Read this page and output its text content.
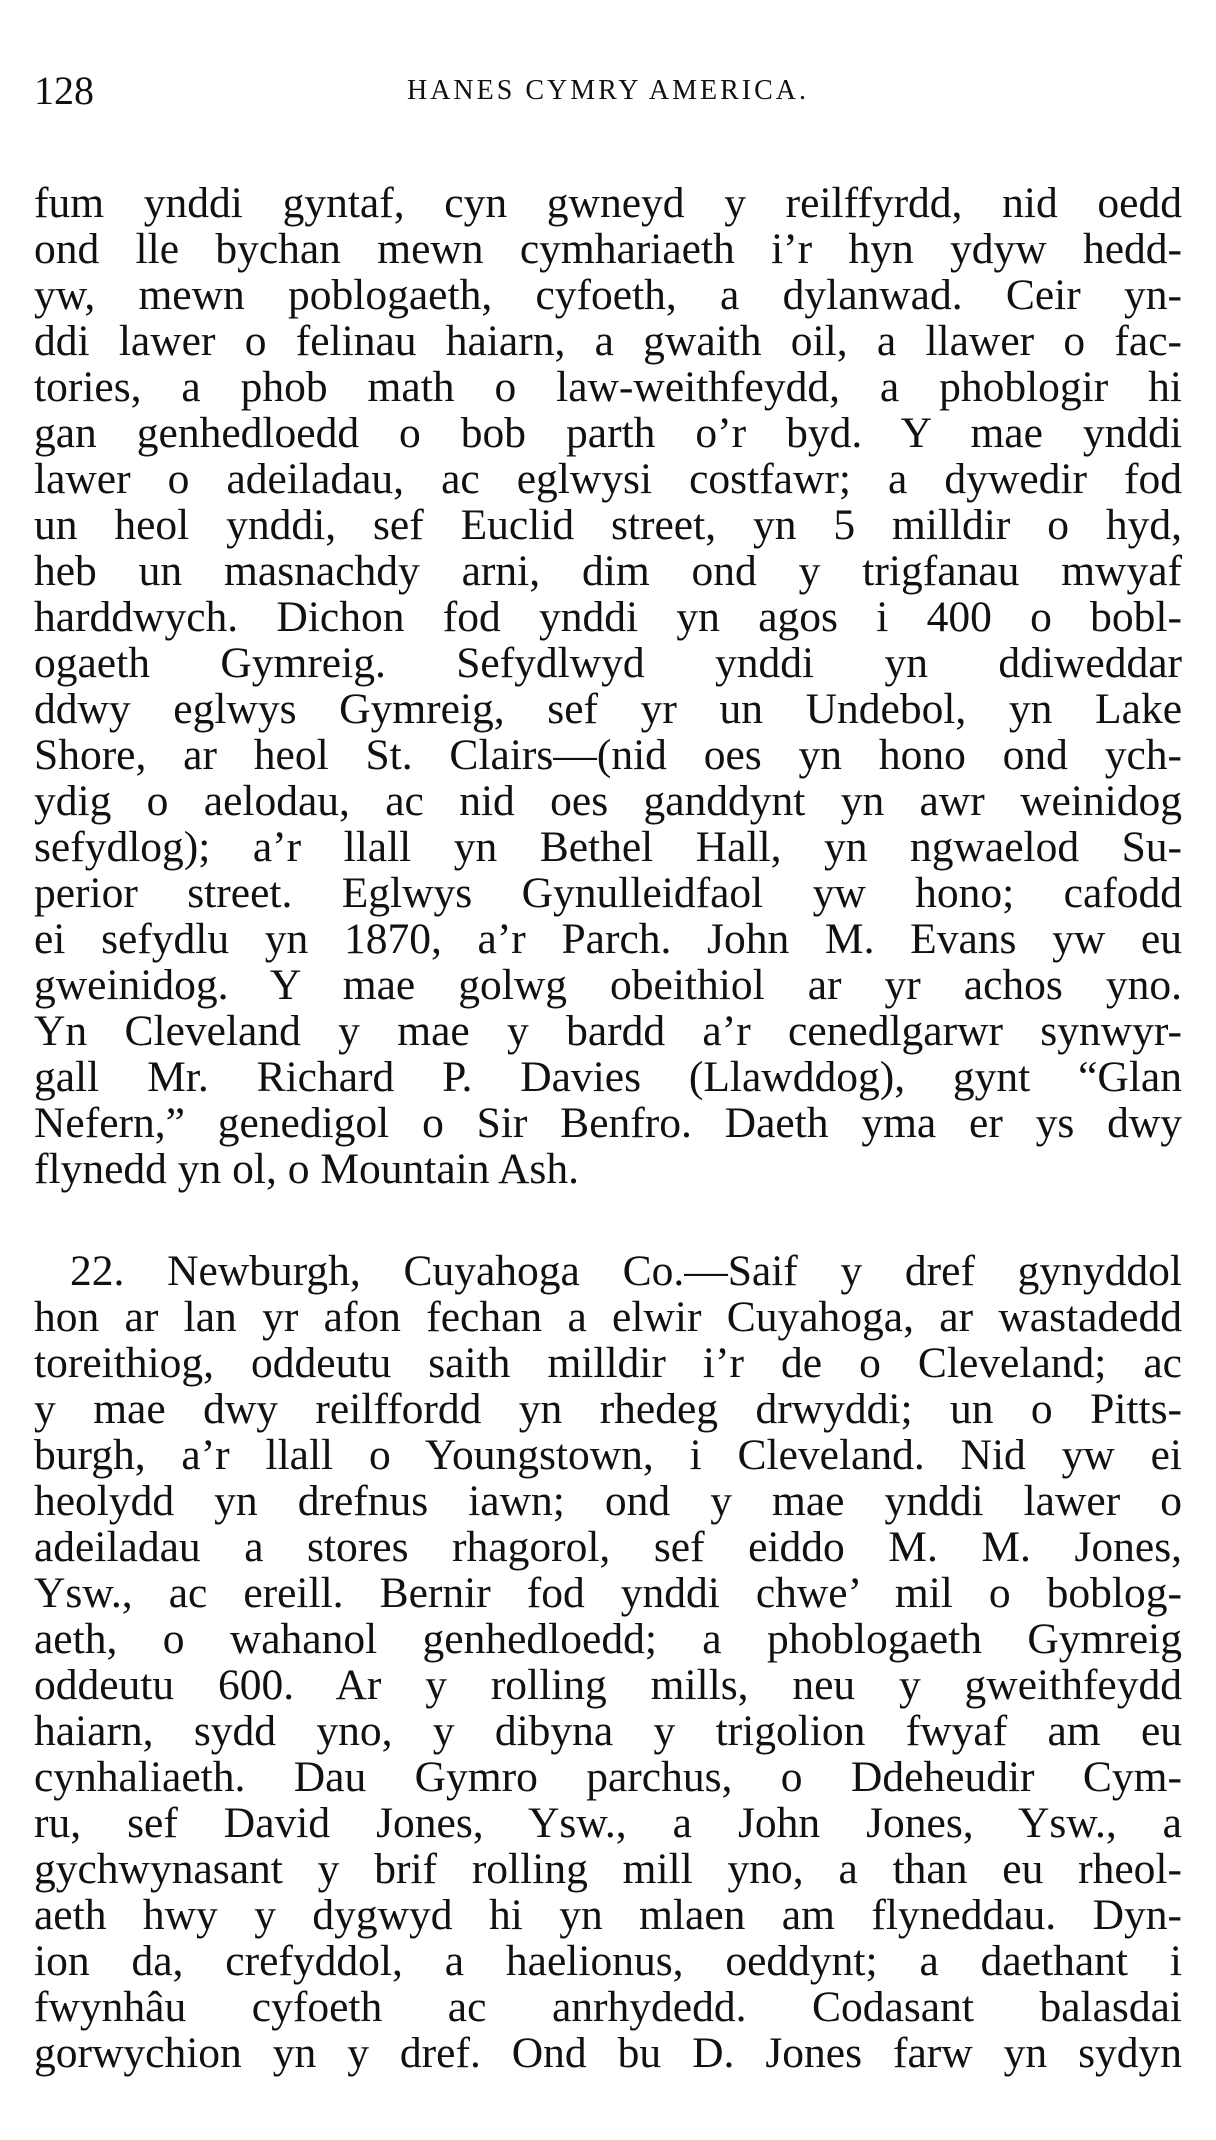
128	HANES CYMRY AMERICA.
fum ynddi gyntaf, cyn gwneyd y reilffyrdd, nid oedd
ond lle bychan mewn cymhariaeth i’r hyn ydyw hedd-
yw, mewn poblogaeth, cyfoeth, a dylanwad. Ceir yn-
ddi lawer o felinau haiarn, a gwaith oil, a llawer o fac-
tories, a phob math o law-weithfeydd, a phoblogir hi
gan genhedloedd o bob parth o’r byd. Y mae ynddi
lawer o adeiladau, ac eglwysi costfawr; a dywedir fod
un heol ynddi, sef Euclid street, yn 5 milldir o hyd,
heb un masnachdy arni, dim ond y trigfanau mwyaf
harddwych. Dichon fod ynddi yn agos i 400 o bobl-
ogaeth Gymreig. Sefydlwyd ynddi yn ddiweddar
ddwy eglwys Gymreig, sef yr un Undebol, yn Lake
Shore, ar heol St. Clairs—(nid oes yn hono ond ych-
ydig o aelodau, ac nid oes ganddynt yn awr weinidog
sefydlog); a’r llall yn Bethel Hall, yn ngwaelod Su-
perior street. Eglwys Gynulleidfaol yw hono; cafodd
ei sefydlu yn 1870, a’r Parch. John M. Evans yw eu
gweinidog. Y mae golwg obeithiol ar yr achos yno.
Yn Cleveland y mae y bardd a’r cenedlgarwr synwyr-
gall Mr. Richard P. Davies (Llawddog), gynt “Glan
Nefern,” genedigol o Sir Benfro. Daeth yma er ys dwy
flynedd yn ol, o Mountain Ash.
22. Newburgh, Cuyahoga Co.—Saif y dref gynyddol
hon ar lan yr afon fechan a elwir Cuyahoga, ar wastadedd
toreithiog, oddeutu saith milldir i’r de o Cleveland; ac
y mae dwy reilffordd yn rhedeg drwyddi; un o Pitts-
burgh, a’r llall o Youngstown, i Cleveland. Nid yw ei
heolydd yn drefnus iawn; ond y mae ynddi lawer o
adeiladau a stores rhagorol, sef eiddo M. M. Jones,
Ysw., ac ereill. Bernir fod ynddi chwe’ mil o boblog-
aeth, o wahanol genhedloedd; a phoblogaeth Gymreig
oddeutu 600. Ar y rolling mills, neu y gweithfeydd
haiarn, sydd yno, y dibyna y trigolion fwyaf am eu
cynhaliaeth. Dau Gymro parchus, o Ddeheudir Cym-
ru, sef David Jones, Ysw., a John Jones, Ysw., a
gychwynasant y brif rolling mill yno, a than eu rheol-
aeth hwy y dygwyd hi yn mlaen am flyneddau. Dyn-
ion da, crefyddol, a haelionus, oeddynt; a daethant i
fwynhâu cyfoeth ac anrhydedd. Codasant balasdai
gorwychion yn y dref. Ond bu D. Jones farw yn sydyn
